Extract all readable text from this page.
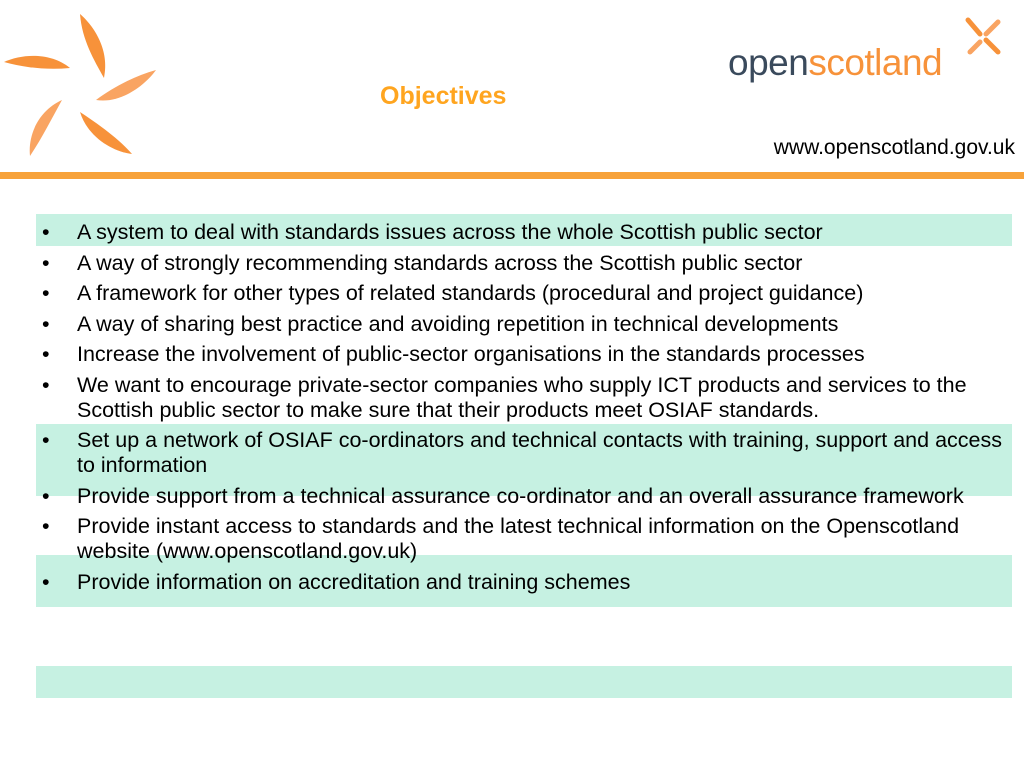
Objectives
openscotland
www.openscotland.gov.uk
• A system to deal with standards issues across the whole Scottish public sector
• A way of strongly recommending standards across the Scottish public sector
• A framework for other types of related standards (procedural and project guidance)
• A way of sharing best practice and avoiding repetition in technical developments
• Increase the involvement of public-sector organisations in the standards processes
• We want to encourage private-sector companies who supply ICT products and services to the Scottish public sector to make sure that their products meet OSIAF standards.
• Set up a network of OSIAF co-ordinators and technical contacts with training, support and access to information
• Provide support from a technical assurance co-ordinator and an overall assurance framework
• Provide instant access to standards and the latest technical information on the Openscotland website (www.openscotland.gov.uk)
• Provide information on accreditation and training schemes
